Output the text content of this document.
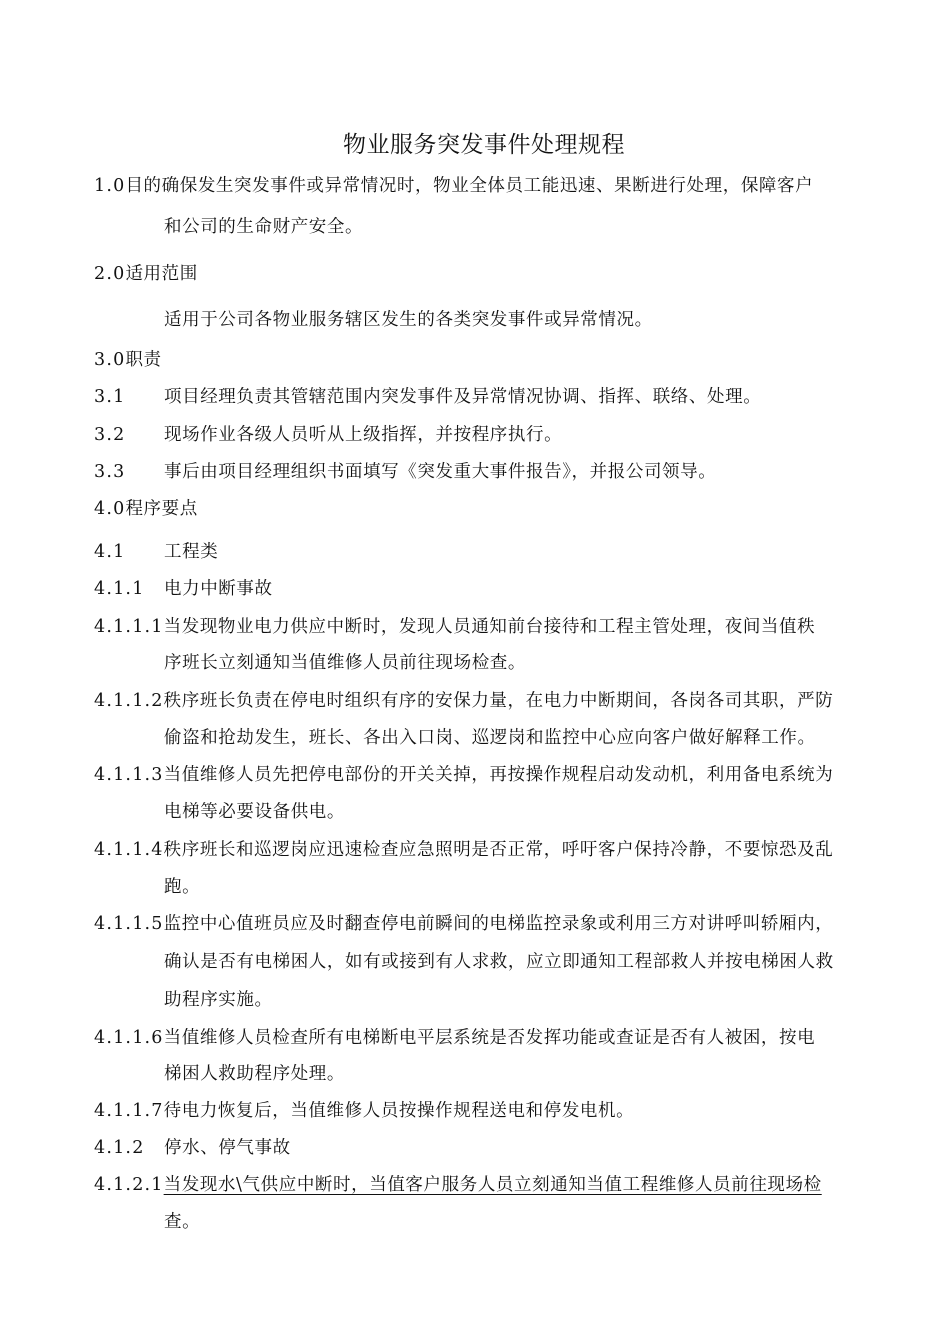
物业服务突发事件处理规程
1.0目的确保发生突发事件或异常情况时，物业全体员工能迅速、果断进行处理，保障客户
和公司的生命财产安全。
2.0适用范围
适用于公司各物业服务辖区发生的各类突发事件或异常情况。
3.0职责
3.1 项目经理负责其管辖范围内突发事件及异常情况协调、指挥、联络、处理。
3.2 现场作业各级人员听从上级指挥，并按程序执行。
3.3 事后由项目经理组织书面填写《突发重大事件报告》，并报公司领导。
4.0程序要点
4.1 工程类
4.1.1 电力中断事故
4.1.1.1当发现物业电力供应中断时，发现人员通知前台接待和工程主管处理，夜间当值秩
序班长立刻通知当值维修人员前往现场检查。
4.1.1.2秩序班长负责在停电时组织有序的安保力量，在电力中断期间，各岗各司其职，严防
偷盗和抢劫发生，班长、各出入口岗、巡逻岗和监控中心应向客户做好解释工作。
4.1.1.3当值维修人员先把停电部份的开关关掉，再按操作规程启动发动机，利用备电系统为
电梯等必要设备供电。
4.1.1.4秩序班长和巡逻岗应迅速检查应急照明是否正常，呼吁客户保持冷静，不要惊恐及乱
跑。
4.1.1.5监控中心值班员应及时翻查停电前瞬间的电梯监控录象或利用三方对讲呼叫轿厢内，
确认是否有电梯困人，如有或接到有人求救，应立即通知工程部救人并按电梯困人救
助程序实施。
4.1.1.6当值维修人员检查所有电梯断电平层系统是否发挥功能或查证是否有人被困，按电
梯困人救助程序处理。
4.1.1.7待电力恢复后，当值维修人员按操作规程送电和停发电机。
4.1.2 停水、停气事故
4.1.2.1当发现水\气供应中断时，当值客户服务人员立刻通知当值工程维修人员前往现场检
查。
